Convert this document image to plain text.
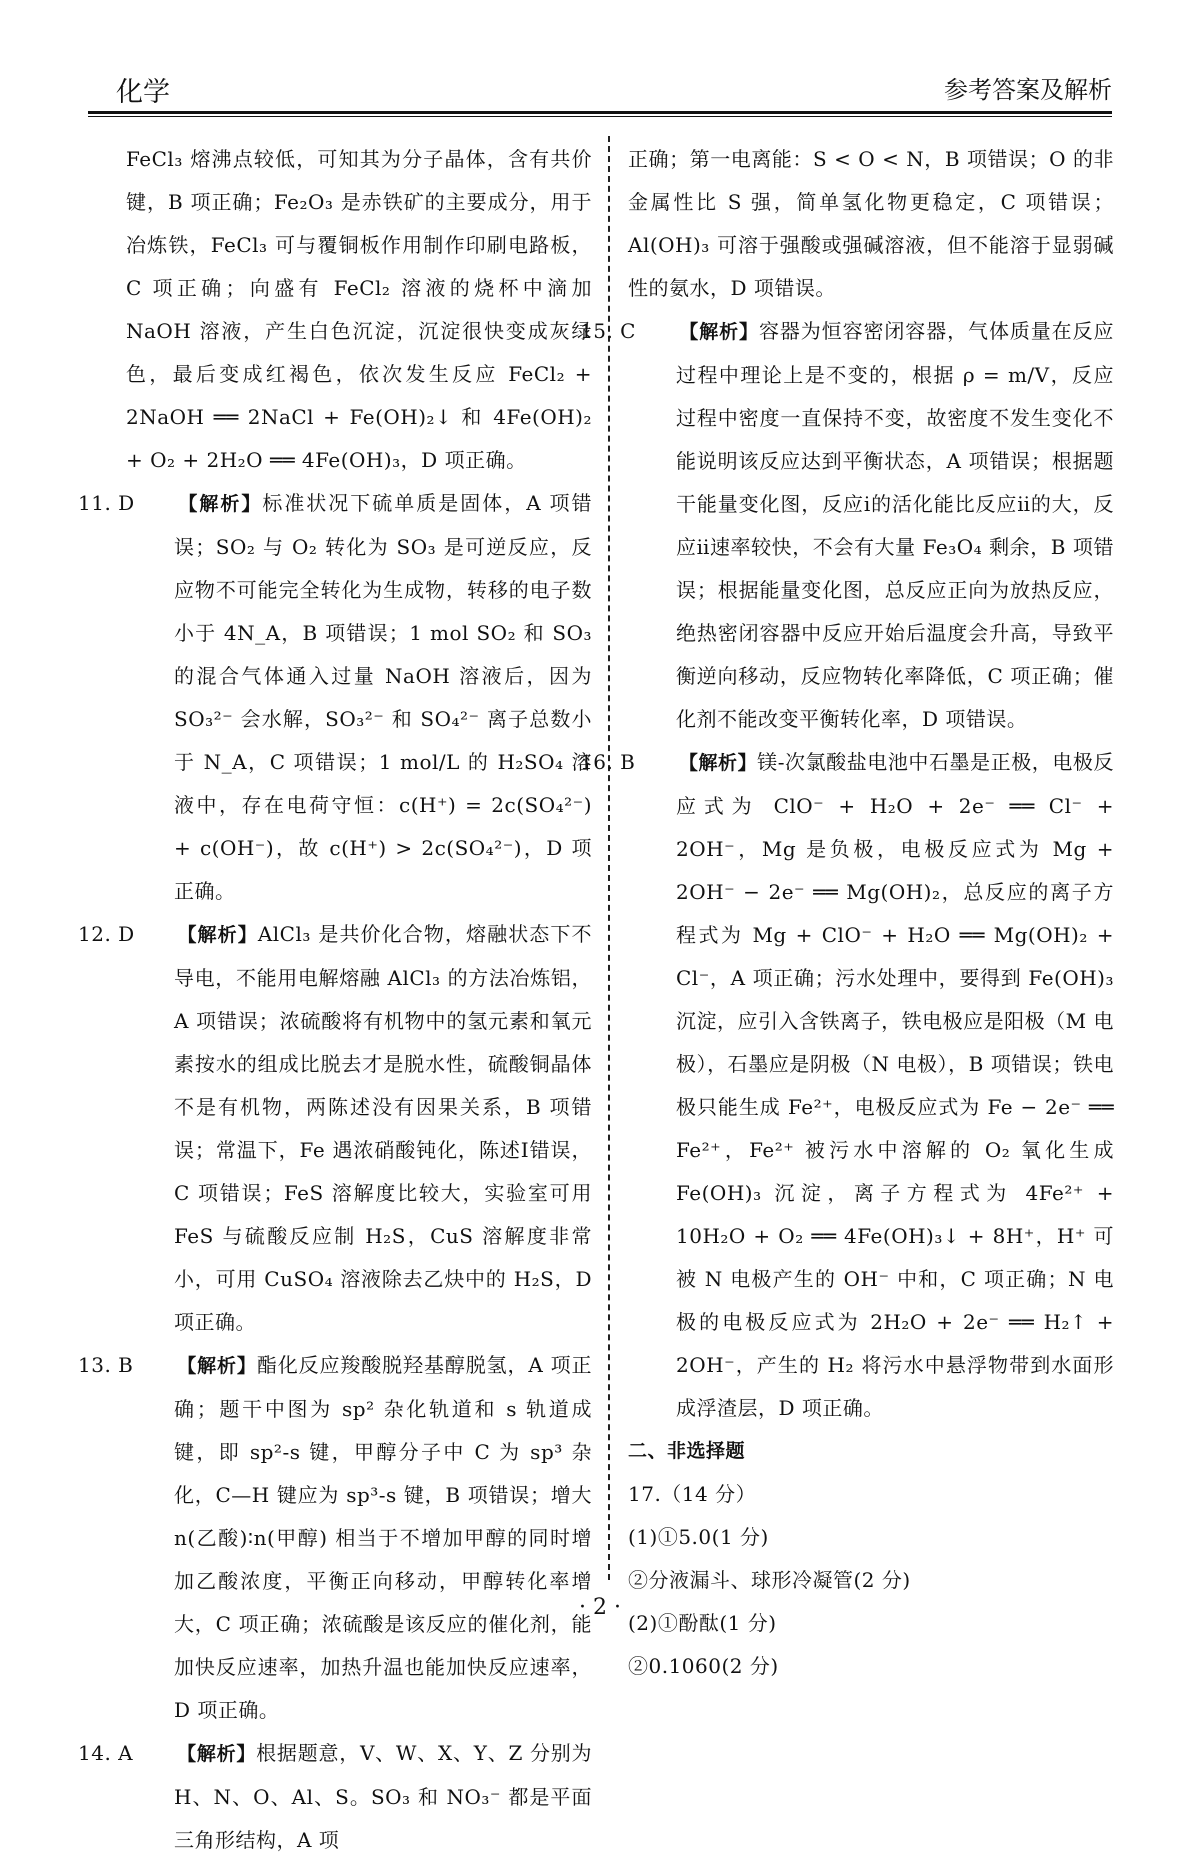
化学	参考答案及解析

FeCl₃ 熔沸点较低，可知其为分子晶体，含有共价键，B 项正确；Fe₂O₃ 是赤铁矿的主要成分，用于冶炼铁，FeCl₃ 可与覆铜板作用制作印刷电路板，C 项正确；向盛有 FeCl₂ 溶液的烧杯中滴加 NaOH 溶液，产生白色沉淀，沉淀很快变成灰绿色，最后变成红褐色，依次发生反应 FeCl₂ + 2NaOH ══ 2NaCl + Fe(OH)₂↓ 和 4Fe(OH)₂ + O₂ + 2H₂O ══ 4Fe(OH)₃，D 项正确。

11. D 【解析】标准状况下硫单质是固体，A 项错误；SO₂ 与 O₂ 转化为 SO₃ 是可逆反应，反应物不可能完全转化为生成物，转移的电子数小于 4N_A，B 项错误；1 mol SO₂ 和 SO₃ 的混合气体通入过量 NaOH 溶液后，因为 SO₃²⁻ 会水解，SO₃²⁻ 和 SO₄²⁻ 离子总数小于 N_A，C 项错误；1 mol/L 的 H₂SO₄ 溶液中，存在电荷守恒：c(H⁺) = 2c(SO₄²⁻) + c(OH⁻)，故 c(H⁺) > 2c(SO₄²⁻)，D 项正确。

12. D 【解析】AlCl₃ 是共价化合物，熔融状态下不导电，不能用电解熔融 AlCl₃ 的方法冶炼铝，A 项错误；浓硫酸将有机物中的氢元素和氧元素按水的组成比脱去才是脱水性，硫酸铜晶体不是有机物，两陈述没有因果关系，B 项错误；常温下，Fe 遇浓硝酸钝化，陈述Ⅰ错误，C 项错误；FeS 溶解度比较大，实验室可用 FeS 与硫酸反应制 H₂S，CuS 溶解度非常小，可用 CuSO₄ 溶液除去乙炔中的 H₂S，D 项正确。

13. B 【解析】酯化反应羧酸脱羟基醇脱氢，A 项正确；题干中图为 sp² 杂化轨道和 s 轨道成键，即 sp²-s 键，甲醇分子中 C 为 sp³ 杂化，C—H 键应为 sp³-s 键，B 项错误；增大 n(乙酸)∶n(甲醇) 相当于不增加甲醇的同时增加乙酸浓度，平衡正向移动，甲醇转化率增大，C 项正确；浓硫酸是该反应的催化剂，能加快反应速率，加热升温也能加快反应速率，D 项正确。

14. A 【解析】根据题意，V、W、X、Y、Z 分别为 H、N、O、Al、S。SO₃ 和 NO₃⁻ 都是平面三角形结构，A 项

正确；第一电离能：S < O < N，B 项错误；O 的非金属性比 S 强，简单氢化物更稳定，C 项错误；Al(OH)₃ 可溶于强酸或强碱溶液，但不能溶于显弱碱性的氨水，D 项错误。

15. C 【解析】容器为恒容密闭容器，气体质量在反应过程中理论上是不变的，根据 ρ = m/V，反应过程中密度一直保持不变，故密度不发生变化不能说明该反应达到平衡状态，A 项错误；根据题干能量变化图，反应ⅰ的活化能比反应ⅱ的大，反应ⅱ速率较快，不会有大量 Fe₃O₄ 剩余，B 项错误；根据能量变化图，总反应正向为放热反应，绝热密闭容器中反应开始后温度会升高，导致平衡逆向移动，反应物转化率降低，C 项正确；催化剂不能改变平衡转化率，D 项错误。

16. B 【解析】镁-次氯酸盐电池中石墨是正极，电极反应式为 ClO⁻ + H₂O + 2e⁻ ══ Cl⁻ + 2OH⁻，Mg 是负极，电极反应式为 Mg + 2OH⁻ − 2e⁻ ══ Mg(OH)₂，总反应的离子方程式为 Mg + ClO⁻ + H₂O ══ Mg(OH)₂ + Cl⁻，A 项正确；污水处理中，要得到 Fe(OH)₃ 沉淀，应引入含铁离子，铁电极应是阳极（M 电极），石墨应是阴极（N 电极），B 项错误；铁电极只能生成 Fe²⁺，电极反应式为 Fe − 2e⁻ ══ Fe²⁺，Fe²⁺ 被污水中溶解的 O₂ 氧化生成 Fe(OH)₃ 沉淀，离子方程式为 4Fe²⁺ + 10H₂O + O₂ ══ 4Fe(OH)₃↓ + 8H⁺，H⁺ 可被 N 电极产生的 OH⁻ 中和，C 项正确；N 电极的电极反应式为 2H₂O + 2e⁻ ══ H₂↑ + 2OH⁻，产生的 H₂ 将污水中悬浮物带到水面形成浮渣层，D 项正确。

二、非选择题

17.（14 分）

(1)①5.0(1 分)

②分液漏斗、球形冷凝管(2 分)

(2)①酚酞(1 分)

②0.1060(2 分)

· 2 ·
